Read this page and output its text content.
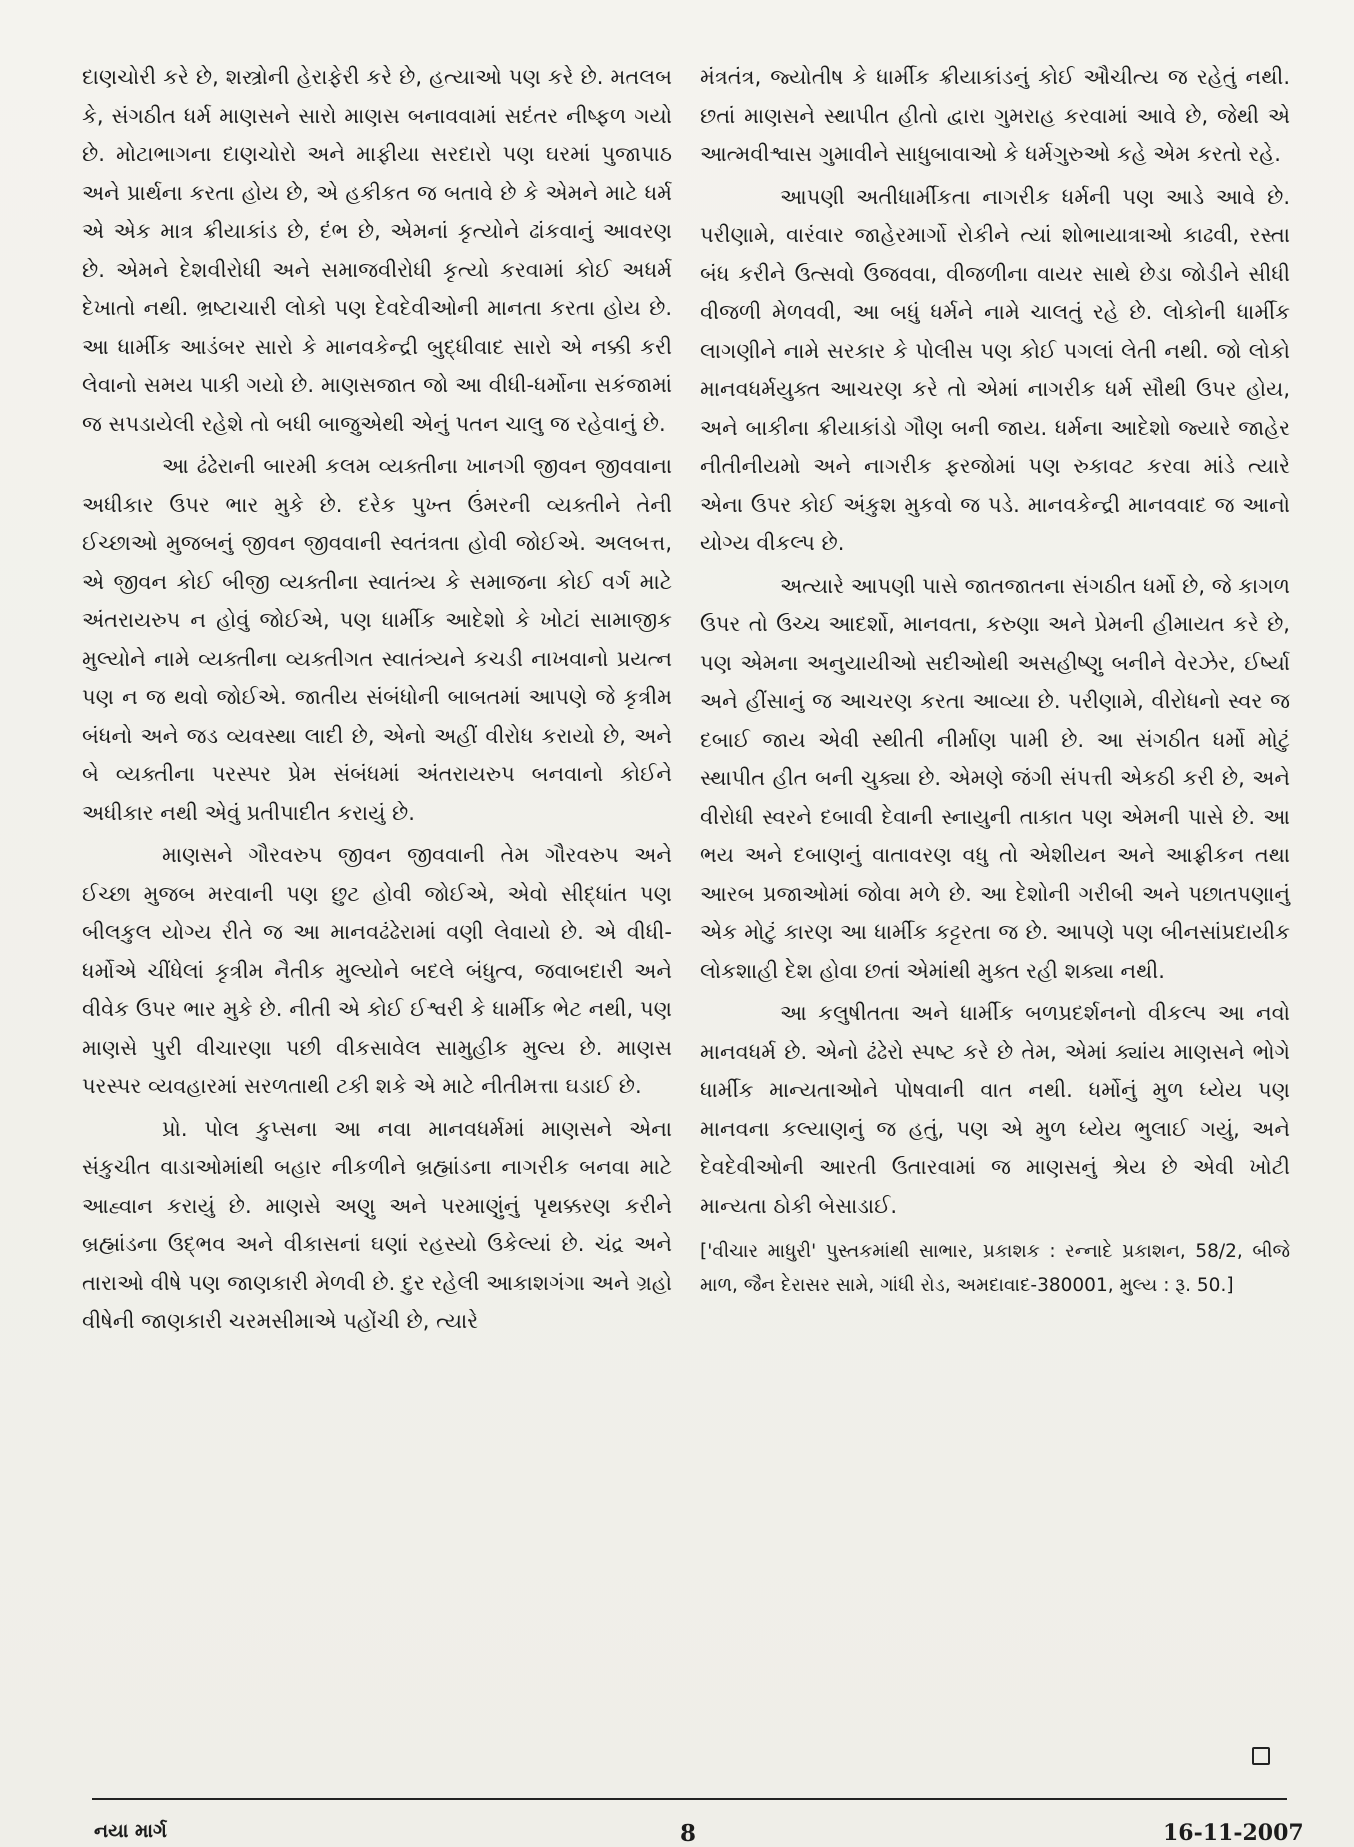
દાણચોરી કરે છે, શસ્ત્રોની હેરાફેરી કરે છે, હત્યાઓ પણ કરે છે. મતલબ કે, સંગઠીત ધર્મ માણસને સારો માણસ બનાવવામાં સદંતર નીષ્ફળ ગયો છે. મોટાભાગના દાણચોરો અને માફીયા સરદારો પણ ઘરમાં પુજાપાઠ અને પ્રાર્થના કરતા હોય છે, એ હકીકત જ બતાવે છે કે એમને માટે ધર્મ એ એક માત્ર ક્રીયાકાંડ છે, દંભ છે, એમનાં કૃત્યોને ઢાંકવાનું આવરણ છે. એમને દેશવીરોધી અને સમાજવીરોધી કૃત્યો કરવામાં કોઈ અધર્મ દેખાતો નથી. ભ્રષ્ટાચારી લોકો પણ દેવદેવીઓની માનતા કરતા હોય છે. આ ધાર્મીક આડંબર સારો કે માનવકેન્દ્રી બુદ્ધીવાદ સારો એ નક્કી કરી લેવાનો સમય પાકી ગયો છે. માણસજાત જો આ વીધી-ધર્મોના સકંજામાં જ સપડાયેલી રહેશે તો બધી બાજુએથી એનું પતન ચાલુ જ રહેવાનું છે.

આ ઢંઢેરાની બારમી કલમ વ્યક્તીના ખાનગી જીવન જીવવાના અધીકાર ઉપર ભાર મુકે છે. દરેક પુખ્ત ઉંમરની વ્યક્તીને તેની ઈચ્છાઓ મુજબનું જીવન જીવવાની સ્વતંત્રતા હોવી જોઈએ. અલબત્ત, એ જીવન કોઈ બીજી વ્યક્તીના સ્વાતંત્ર્ય કે સમાજના કોઈ વર્ગ માટે અંતરાયરુપ ન હોવું જોઈએ, પણ ધાર્મીક આદેશો કે ખોટાં સામાજીક મુલ્યોને નામે વ્યક્તીના વ્યક્તીગત સ્વાતંત્ર્યને કચડી નાખવાનો પ્રયત્ન પણ ન જ થવો જોઈએ. જાતીય સંબંધોની બાબતમાં આપણે જે કૃત્રીમ બંધનો અને જડ વ્યવસ્થા લાદી છે, એનો અહીં વીરોધ કરાયો છે, અને બે વ્યક્તીના પરસ્પર પ્રેમ સંબંધમાં અંતરાયરુપ બનવાનો કોઈને અધીકાર નથી એવું પ્રતીપાદીત કરાયું છે.

માણસને ગૌરવરુપ જીવન જીવવાની તેમ ગૌરવરુપ અને ઈચ્છા મુજબ મરવાની પણ છુટ હોવી જોઈએ, એવો સીદ્ધાંત પણ બીલકુલ યોગ્ય રીતે જ આ માનવઢંઢેરામાં વણી લેવાયો છે. એ વીધી-ધર્મોએ ચીંધેલાં કૃત્રીમ નૈતીક મુલ્યોને બદલે બંધુત્વ, જવાબદારી અને વીવેક ઉપર ભાર મુકે છે. નીતી એ કોઈ ઈશ્વરી કે ધાર્મીક ભેટ નથી, પણ માણસે પુરી વીચારણા પછી વીકસાવેલ સામુહીક મુલ્ય છે. માણસ પરસ્પર વ્યવહારમાં સરળતાથી ટકી શકે એ માટે નીતીમત્તા ઘડાઈ છે.

પ્રો. પોલ કુપ્સના આ નવા માનવધર્મમાં માણસને એના સંકુચીત વાડાઓમાંથી બહાર નીકળીને બ્રહ્માંડના નાગરીક બનવા માટે આહ્વાન કરાયું છે. માણસે અણુ અને પરમાણુંનું પૃથક્કરણ કરીને બ્રહ્માંડના ઉદ્ભવ અને વીકાસનાં ઘણાં રહસ્યો ઉકેલ્યાં છે. ચંદ્ર અને તારાઓ વીષે પણ જાણકારી મેળવી છે. દુર રહેલી આકાશગંગા અને ગ્રહો વીષેની જાણકારી ચરમસીમાએ પહોંચી છે, ત્યારે

મંત્રતંત્ર, જ્યોતીષ કે ધાર્મીક ક્રીયાકાંડનું કોઈ ઔચીત્ય જ રહેતું નથી. છતાં માણસને સ્થાપીત હીતો દ્વારા ગુમરાહ કરવામાં આવે છે, જેથી એ આત્મવીશ્વાસ ગુમાવીને સાધુબાવાઓ કે ધર્મગુરુઓ કહે એમ કરતો રહે.

આપણી અતીધાર્મીકતા નાગરીક ધર્મની પણ આડે આવે છે. પરીણામે, વારંવાર જાહેરમાર્ગો રોકીને ત્યાં શોભાયાત્રાઓ કાઢવી, રસ્તા બંધ કરીને ઉત્સવો ઉજવવા, વીજળીના વાયર સાથે છેડા જોડીને સીધી વીજળી મેળવવી, આ બધું ધર્મને નામે ચાલતું રહે છે. લોકોની ધાર્મીક લાગણીને નામે સરકાર કે પોલીસ પણ કોઈ પગલાં લેતી નથી. જો લોકો માનવધર્મયુક્ત આચરણ કરે તો એમાં નાગરીક ધર્મ સૌથી ઉપર હોય, અને બાકીના ક્રીયાકાંડો ગૌણ બની જાય. ધર્મના આદેશો જ્યારે જાહેર નીતીનીયમો અને નાગરીક ફરજોમાં પણ રુકાવટ કરવા માંડે ત્યારે એના ઉપર કોઈ અંકુશ મુકવો જ પડે. માનવકેન્દ્રી માનવવાદ જ આનો યોગ્ય વીકલ્પ છે.

અત્યારે આપણી પાસે જાતજાતના સંગઠીત ધર્મો છે, જે કાગળ ઉપર તો ઉચ્ચ આદર્શો, માનવતા, કરુણા અને પ્રેમની હીમાયત કરે છે, પણ એમના અનુયાયીઓ સદીઓથી અસહીષ્ણુ બનીને વેરઝેર, ઈર્ષ્યા અને હીંસાનું જ આચરણ કરતા આવ્યા છે. પરીણામે, વીરોધનો સ્વર જ દબાઈ જાય એવી સ્થીતી નીર્માણ પામી છે. આ સંગઠીત ધર્મો મોટું સ્થાપીત હીત બની ચુક્યા છે. એમણે જંગી સંપત્તી એકઠી કરી છે, અને વીરોધી સ્વરને દબાવી દેવાની સ્નાયુની તાકાત પણ એમની પાસે છે. આ ભય અને દબાણનું વાતાવરણ વધુ તો એશીયન અને આફ્રીકન તથા આરબ પ્રજાઓમાં જોવા મળે છે. આ દેશોની ગરીબી અને પછાતપણાનું એક મોટું કારણ આ ધાર્મીક કટ્ટરતા જ છે. આપણે પણ બીનસાંપ્રદાયીક લોકશાહી દેશ હોવા છતાં એમાંથી મુક્ત રહી શક્યા નથી.

આ કલુષીતતા અને ધાર્મીક બળપ્રદર્શનનો વીકલ્પ આ નવો માનવધર્મ છે. એનો ઢંઢેરો સ્પષ્ટ કરે છે તેમ, એમાં ક્યાંય માણસને ભોગે ધાર્મીક માન્યતાઓને પોષવાની વાત નથી. ધર્મોનું મુળ ધ્યેય પણ માનવના કલ્યાણનું જ હતું, પણ એ મુળ ધ્યેય ભુલાઈ ગયું, અને દેવદેવીઓની આરતી ઉતારવામાં જ માણસનું શ્રેય છે એવી ખોટી માન્યતા ઠોકી બેસાડાઈ.

['વીચાર માધુરી' પુસ્તકમાંથી સાભાર, પ્રકાશક : રન્નાદે પ્રકાશન, 58/2, બીજે માળ, જૈન દેરાસર સામે, ગાંધી રોડ, અમદાવાદ-380001, મુલ્ય : રૂ. 50.]

નયા માર્ગ	8	16-11-2007
